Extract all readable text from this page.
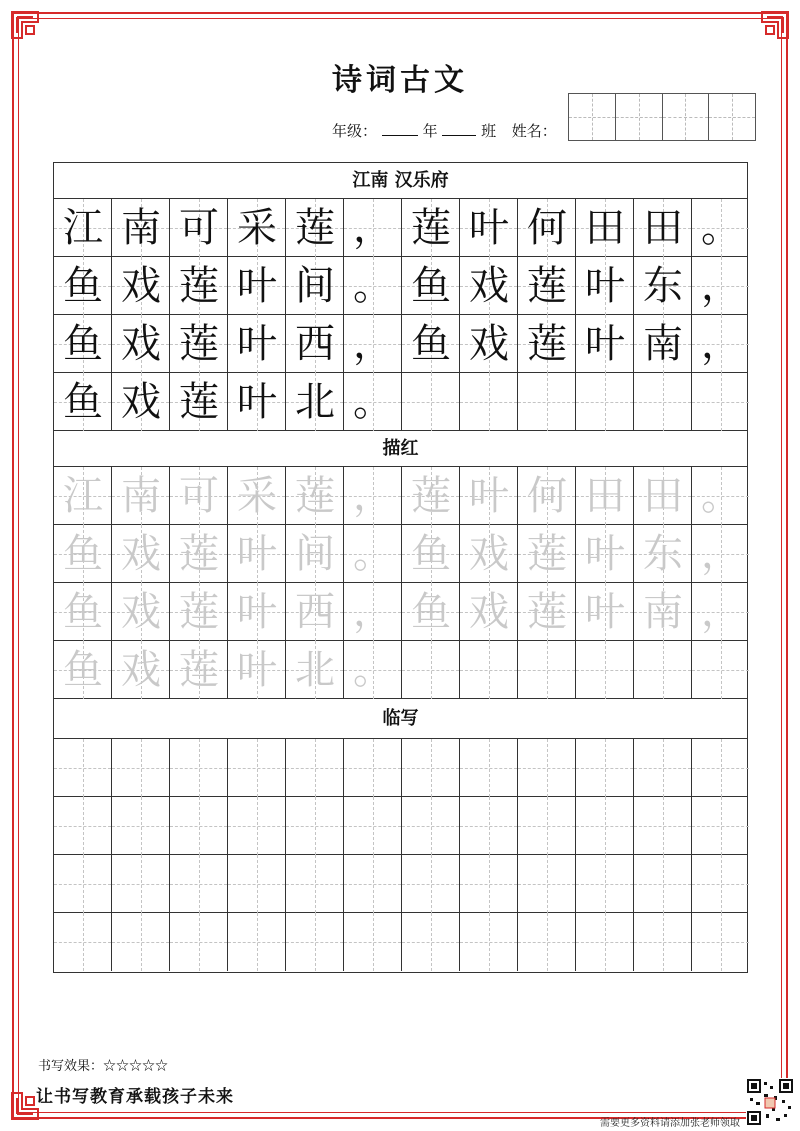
诗词古文
年级：	年	班 姓名：
江南 汉乐府
江 南 可 采 莲 ， 莲 叶 何 田 田 。
鱼 戏 莲 叶 间 。 鱼 戏 莲 叶 东 ，
鱼 戏 莲 叶 西 ， 鱼 戏 莲 叶 南 ，
鱼 戏 莲 叶 北 。
描红
江 南 可 采 莲 ， 莲 叶 何 田 田 。
鱼 戏 莲 叶 间 。 鱼 戏 莲 叶 东 ，
鱼 戏 莲 叶 西 ， 鱼 戏 莲 叶 南 ，
鱼 戏 莲 叶 北 。
临写
书写效果：☆☆☆☆☆
让书写教育承载孩子未来
需要更多资料请添加张老师领取
